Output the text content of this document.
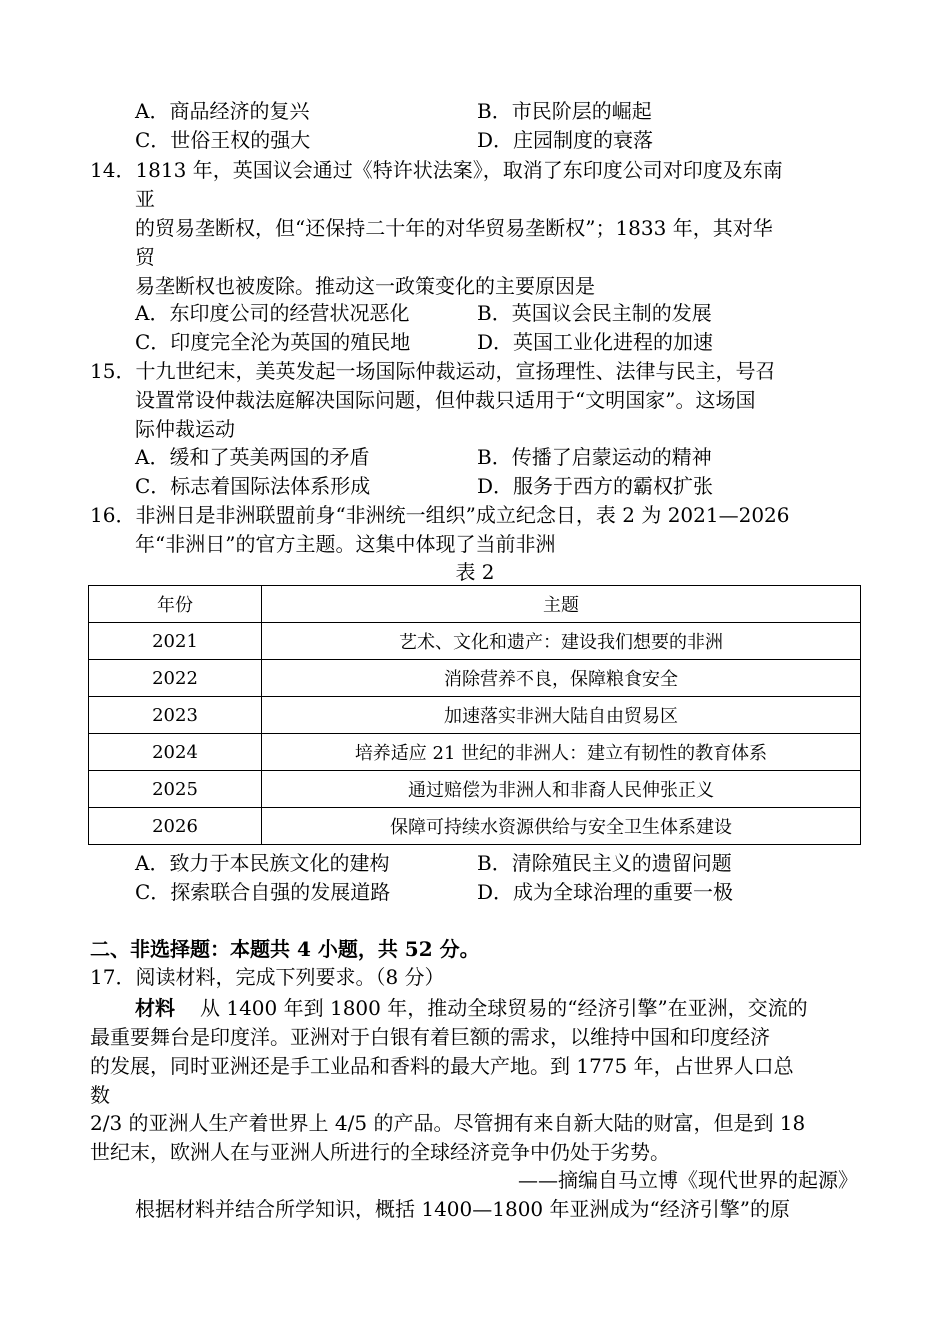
A．商品经济的复兴	B．市民阶层的崛起
C．世俗王权的强大	D．庄园制度的衰落
14．1813 年，英国议会通过《特许状法案》，取消了东印度公司对印度及东南
亚
的贸易垄断权，但“还保持二十年的对华贸易垄断权”；1833 年，其对华
贸
易垄断权也被废除。推动这一政策变化的主要原因是
A．东印度公司的经营状况恶化	B．英国议会民主制的发展
C．印度完全沦为英国的殖民地	D．英国工业化进程的加速
15．十九世纪末，美英发起一场国际仲裁运动，宣扬理性、法律与民主，号召
设置常设仲裁法庭解决国际问题，但仲裁只适用于“文明国家”。这场国
际仲裁运动
A．缓和了英美两国的矛盾	B．传播了启蒙运动的精神
C．标志着国际法体系形成	D．服务于西方的霸权扩张
16．非洲日是非洲联盟前身“非洲统一组织”成立纪念日，表 2 为 2021—2026
年“非洲日”的官方主题。这集中体现了当前非洲
表 2
年份	主题
2021	艺术、文化和遗产：建设我们想要的非洲
2022	消除营养不良，保障粮食安全
2023	加速落实非洲大陆自由贸易区
2024	培养适应 21 世纪的非洲人：建立有韧性的教育体系
2025	通过赔偿为非洲人和非裔人民伸张正义
2026	保障可持续水资源供给与安全卫生体系建设
A．致力于本民族文化的建构	B．清除殖民主义的遗留问题
C．探索联合自强的发展道路	D．成为全球治理的重要一极
二、非选择题：本题共 4 小题，共 52 分。
17．阅读材料，完成下列要求。（8 分）
材料 从 1400 年到 1800 年，推动全球贸易的“经济引擎”在亚洲，交流的
最重要舞台是印度洋。亚洲对于白银有着巨额的需求，以维持中国和印度经济
的发展，同时亚洲还是手工业品和香料的最大产地。到 1775 年，占世界人口总
数
2/3 的亚洲人生产着世界上 4/5 的产品。尽管拥有来自新大陆的财富，但是到 18
世纪末，欧洲人在与亚洲人所进行的全球经济竞争中仍处于劣势。
——摘编自马立博《现代世界的起源》
根据材料并结合所学知识，概括 1400—1800 年亚洲成为“经济引擎”的原
